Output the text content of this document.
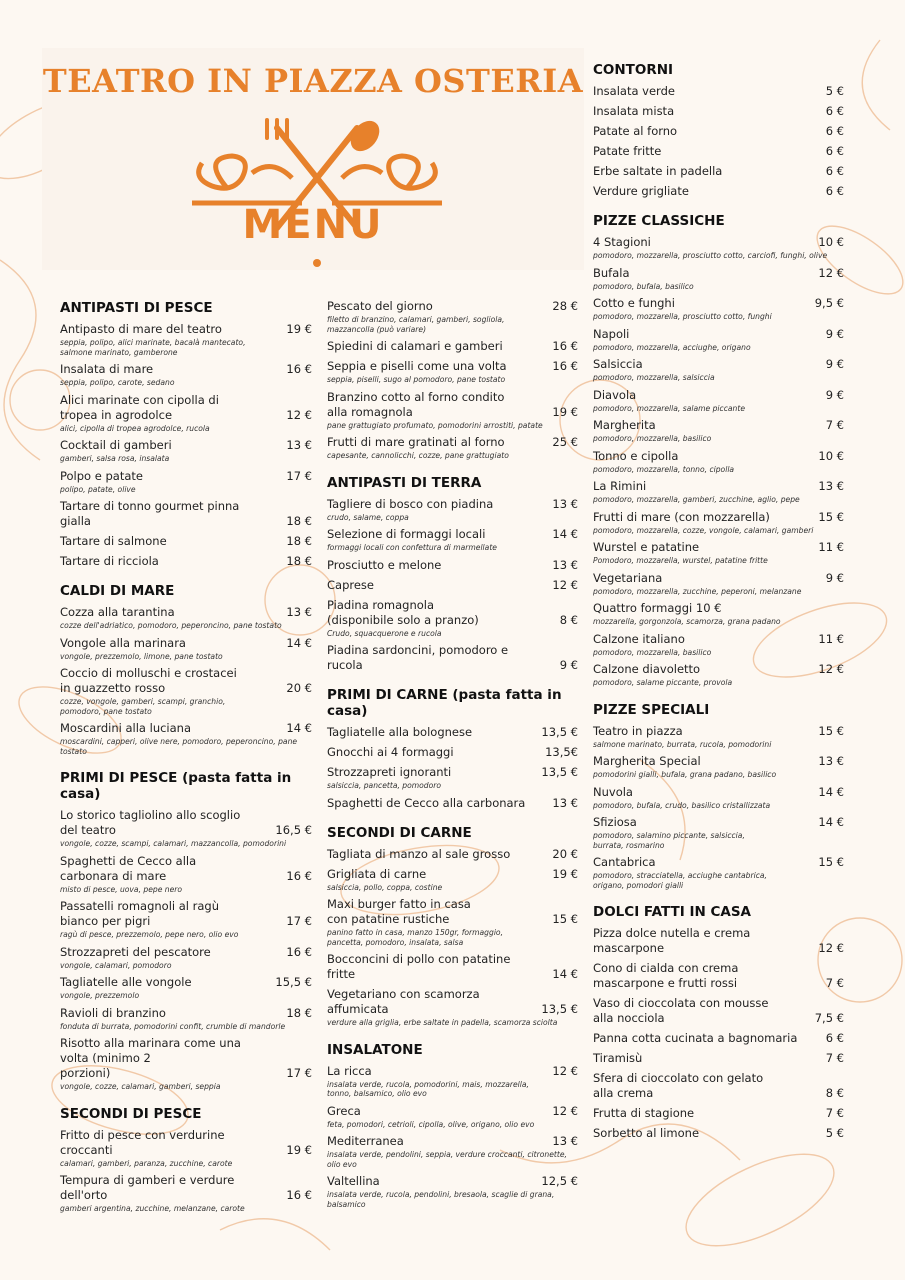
TEATRO IN PIAZZA OSTERIA
MENU
ANTIPASTI DI PESCE
Antipasto di mare del teatro	19 €
seppia, polipo, alici marinate, bacalà mantecato,
salmone marinato, gamberone
Insalata di mare	16 €
seppia, polipo, carote, sedano
Alici marinate con cipolla di
tropea in agrodolce	12 €
alici, cipolla di tropea agrodolce, rucola
Cocktail di gamberi	13 €
gamberi, salsa rosa, insalata
Polpo e patate	17 €
polipo, patate, olive
Tartare di tonno gourmet pinna gialla	18 €
Tartare di salmone	18 €
Tartare di ricciola	18 €
CALDI DI MARE
Cozza alla tarantina	13 €
cozze dell'adriatico, pomodoro, peperoncino, pane tostato
Vongole alla marinara	14 €
vongole, prezzemolo, limone, pane tostato
Coccio di molluschi e crostacei
in guazzetto rosso	20 €
cozze, vongole, gamberi, scampi, granchio,
pomodoro, pane tostato
Moscardini alla luciana	14 €
moscardini, capperi, olive nere, pomodoro, peperoncino, pane
tostato
PRIMI DI PESCE (pasta fatta in casa)
Lo storico tagliolino allo scoglio
del teatro	16,5 €
vongole, cozze, scampi, calamari, mazzancolla, pomodorini
Spaghetti de Cecco alla
carbonara di mare	16 €
misto di pesce, uova, pepe nero
Passatelli romagnoli al ragù
bianco per pigri	17 €
ragù di pesce, prezzemolo, pepe nero, olio evo
Strozzapreti del pescatore	16 €
vongole, calamari, pomodoro
Tagliatelle alle vongole	15,5 €
vongole, prezzemolo
Ravioli di branzino	18 €
fonduta di burrata, pomodorini confit, crumble di mandorle
Risotto alla marinara come una volta (minimo 2
porzioni)	17 €
vongole, cozze, calamari, gamberi, seppia
SECONDI DI PESCE
Fritto di pesce con verdurine croccanti	19 €
calamari, gamberi, paranza, zucchine, carote
Tempura di gamberi e verdure dell'orto	16 €
gamberi argentina, zucchine, melanzane, carote
Pescato del giorno	28 €
filetto di branzino, calamari, gamberi, sogliola,
mazzancolla (può variare)
Spiedini di calamari e gamberi	16 €
Seppia e piselli come una volta	16 €
seppia, piselli, sugo al pomodoro, pane tostato
Branzino cotto al forno condito
alla romagnola	19 €
pane grattugiato profumato, pomodorini arrostiti, patate
Frutti di mare gratinati al forno	25 €
capesante, cannolicchi, cozze, pane grattugiato
ANTIPASTI DI TERRA
Tagliere di bosco con piadina	13 €
crudo, salame, coppa
Selezione di formaggi locali	14 €
formaggi locali con confettura di marmellate
Prosciutto e melone	13 €
Caprese	12 €
Piadina romagnola
(disponibile solo a pranzo)	8 €
Crudo, squacquerone e rucola
Piadina sardoncini, pomodoro e rucola	9 €
PRIMI DI CARNE (pasta fatta in casa)
Tagliatelle alla bolognese	13,5 €
Gnocchi ai 4 formaggi	13,5€
Strozzapreti ignoranti	13,5 €
salsiccia, pancetta, pomodoro
Spaghetti de Cecco alla carbonara 13 €
SECONDI DI CARNE
Tagliata di manzo al sale grosso	20 €
Grigliata di carne	19 €
salsiccia, pollo, coppa, costine
Maxi burger fatto in casa
con patatine rustiche	15 €
panino fatto in casa, manzo 150gr, formaggio,
pancetta, pomodoro, insalata, salsa
Bocconcini di pollo con patatine fritte	14 €
Vegetariano con scamorza affumicata	13,5 €
verdure alla griglia, erbe saltate in padella, scamorza sciolta
INSALATONE
La ricca	12 €
insalata verde, rucola, pomodorini, mais, mozzarella,
tonno, balsamico, olio evo
Greca	12 €
feta, pomodori, cetrioli, cipolla, olive, origano, olio evo
Mediterranea	13 €
insalata verde, pendolini, seppia, verdure croccanti, citronette,
olio evo
Valtellina	12,5 €
insalata verde, rucola, pendolini, bresaola, scaglie di grana,
balsamico
CONTORNI
Insalata verde	5 €
Insalata mista	6 €
Patate al forno	6 €
Patate fritte	6 €
Erbe saltate in padella	6 €
Verdure grigliate	6 €
PIZZE CLASSICHE
4 Stagioni	10 €
pomodoro, mozzarella, prosciutto cotto, carciofi, funghi, olive
Bufala	12 €
pomodoro, bufala, basilico
Cotto e funghi	9,5 €
pomodoro, mozzarella, prosciutto cotto, funghi
Napoli	9 €
pomodoro, mozzarella, acciughe, origano
Salsiccia	9 €
pomodoro, mozzarella, salsiccia
Diavola	9 €
pomodoro, mozzarella, salame piccante
Margherita	7 €
pomodoro, mozzarella, basilico
Tonno e cipolla	10 €
pomodoro, mozzarella, tonno, cipolla
La Rimini	13 €
pomodoro, mozzarella, gamberi, zucchine, aglio, pepe
Frutti di mare (con mozzarella)	15 €
pomodoro, mozzarella, cozze, vongole, calamari, gamberi
Wurstel e patatine	11 €
Pomodoro, mozzarella, wurstel, patatine fritte
Vegetariana	9 €
pomodoro, mozzarella, zucchine, peperoni, melanzane
Quattro formaggi 10 €
mozzarella, gorgonzola, scamorza, grana padano
Calzone italiano	11 €
pomodoro, mozzarella, basilico
Calzone diavoletto	12 €
pomodoro, salame piccante, provola
PIZZE SPECIALI
Teatro in piazza	15 €
salmone marinato, burrata, rucola, pomodorini
Margherita Special	13 €
pomodorini gialli, bufala, grana padano, basilico
Nuvola	14 €
pomodoro, bufala, crudo, basilico cristallizzata
Sfiziosa	14 €
pomodoro, salamino piccante, salsiccia,
burrata, rosmarino
Cantabrica	15 €
pomodoro, stracciatella, acciughe cantabrica,
origano, pomodori gialli
DOLCI FATTI IN CASA
Pizza dolce nutella e crema
mascarpone	12 €
Cono di cialda con crema
mascarpone e frutti rossi	7 €
Vaso di cioccolata con mousse
alla nocciola	7,5 €
Panna cotta cucinata a bagnomaria 6 €
Tiramisù	7 €
Sfera di cioccolato con gelato
alla crema	8 €
Frutta di stagione	7 €
Sorbetto al limone	5 €
